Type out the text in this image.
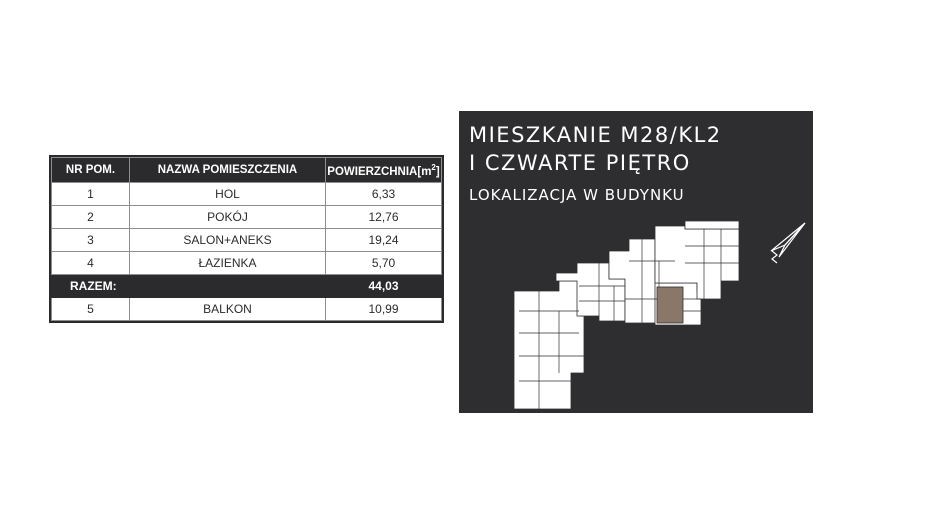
NR POM.	NAZWA POMIESZCZENIA	$POWIERZCHNIA[m^2]$
1	HOL	6,33
2	POKÓJ	12,76
3	SALON+ANEKS	19,24
4	ŁAZIENKA	5,70
RAZEM:		44,03
5	BALKON	10,99
MIESZKANIE M28/KL2
I CZWARTE PIĘTRO
LOKALIZACJA W BUDYNKU
